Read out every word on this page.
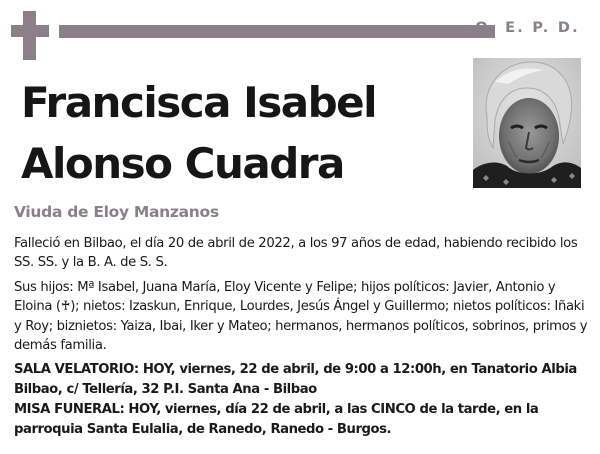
Q. E. P. D.
Francisca Isabel
Alonso Cuadra
Viuda de Eloy Manzanos

Falleció en Bilbao, el día 20 de abril de 2022, a los 97 años de edad, habiendo recibido los SS. SS. y la B. A. de S. S.

Sus hijos: Mª Isabel, Juana María, Eloy Vicente y Felipe; hijos políticos: Javier, Antonio y Eloina (♰); nietos: Izaskun, Enrique, Lourdes, Jesús Ángel y Guillermo; nietos políticos: Iñaki y Roy; biznietos: Yaiza, Ibai, Iker y Mateo; hermanos, hermanos políticos, sobrinos, primos y demás familia.

SALA VELATORIO: HOY, viernes, 22 de abril, de 9:00 a 12:00h, en Tanatorio Albia Bilbao, c/ Tellería, 32 P.I. Santa Ana - Bilbao

MISA FUNERAL: HOY, viernes, día 22 de abril, a las CINCO de la tarde, en la parroquia Santa Eulalia, de Ranedo, Ranedo - Burgos.
